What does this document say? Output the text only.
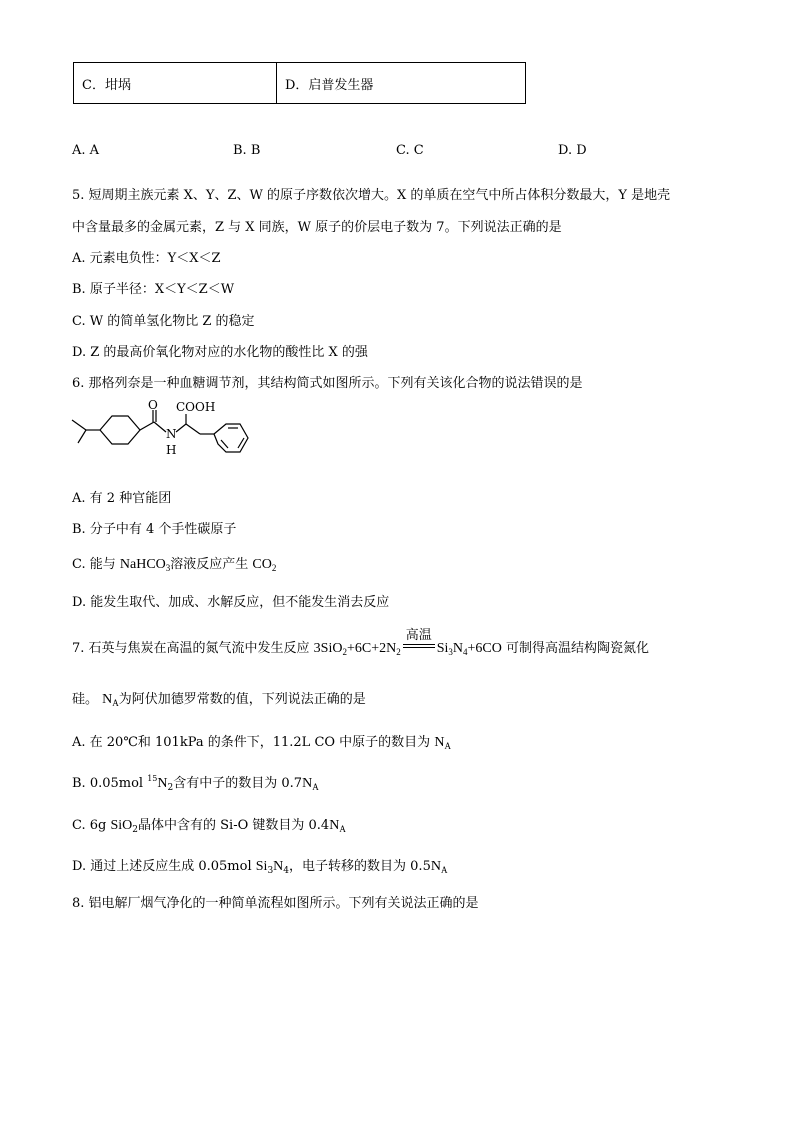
C．坩埚	D．启普发生器
A. A	B. B	C. C	D. D
5. 短周期主族元素 X、Y、Z、W 的原子序数依次增大。X 的单质在空气中所占体积分数最大，Y 是地壳
中含量最多的金属元素，Z 与 X 同族，W 原子的价层电子数为 7。下列说法正确的是
A. 元素电负性：Y＜X＜Z
B. 原子半径：X＜Y＜Z＜W
C. W 的简单氢化物比 Z 的稳定
D. Z 的最高价氧化物对应的水化物的酸性比 X 的强
6. 那格列奈是一种血糖调节剂，其结构简式如图所示。下列有关该化合物的说法错误的是
O COOH
N
H
A. 有 2 种官能团
B. 分子中有 4 个手性碳原子
C. 能与 NaHCO$_3$溶液反应产生 $CO_2$
D. 能发生取代、加成、水解反应，但不能发生消去反应
7. 石英与焦炭在高温的氮气流中发生反应 $3SiO_2+6C+2N_2$
高温
$Si_3N_4+6CO$ 可制得高温结构陶瓷氮化
硅。 $N_A$为阿伏加德罗常数的值，下列说法正确的是
A. 在 20℃和 101kPa 的条件下，11.2L CO 中原子的数目为 $N_A$
B. 0.05mol $^{15}N_2$含有中子的数目为 $0.7N_A$
C. 6g SiO$_2$晶体中含有的 Si-O 键数目为 $0.4N_A$
D. 通过上述反应生成 0.05mol $Si_3N_4$，电子转移的数目为 $0.5N_A$
8. 铝电解厂烟气净化的一种简单流程如图所示。下列有关说法正确的是
